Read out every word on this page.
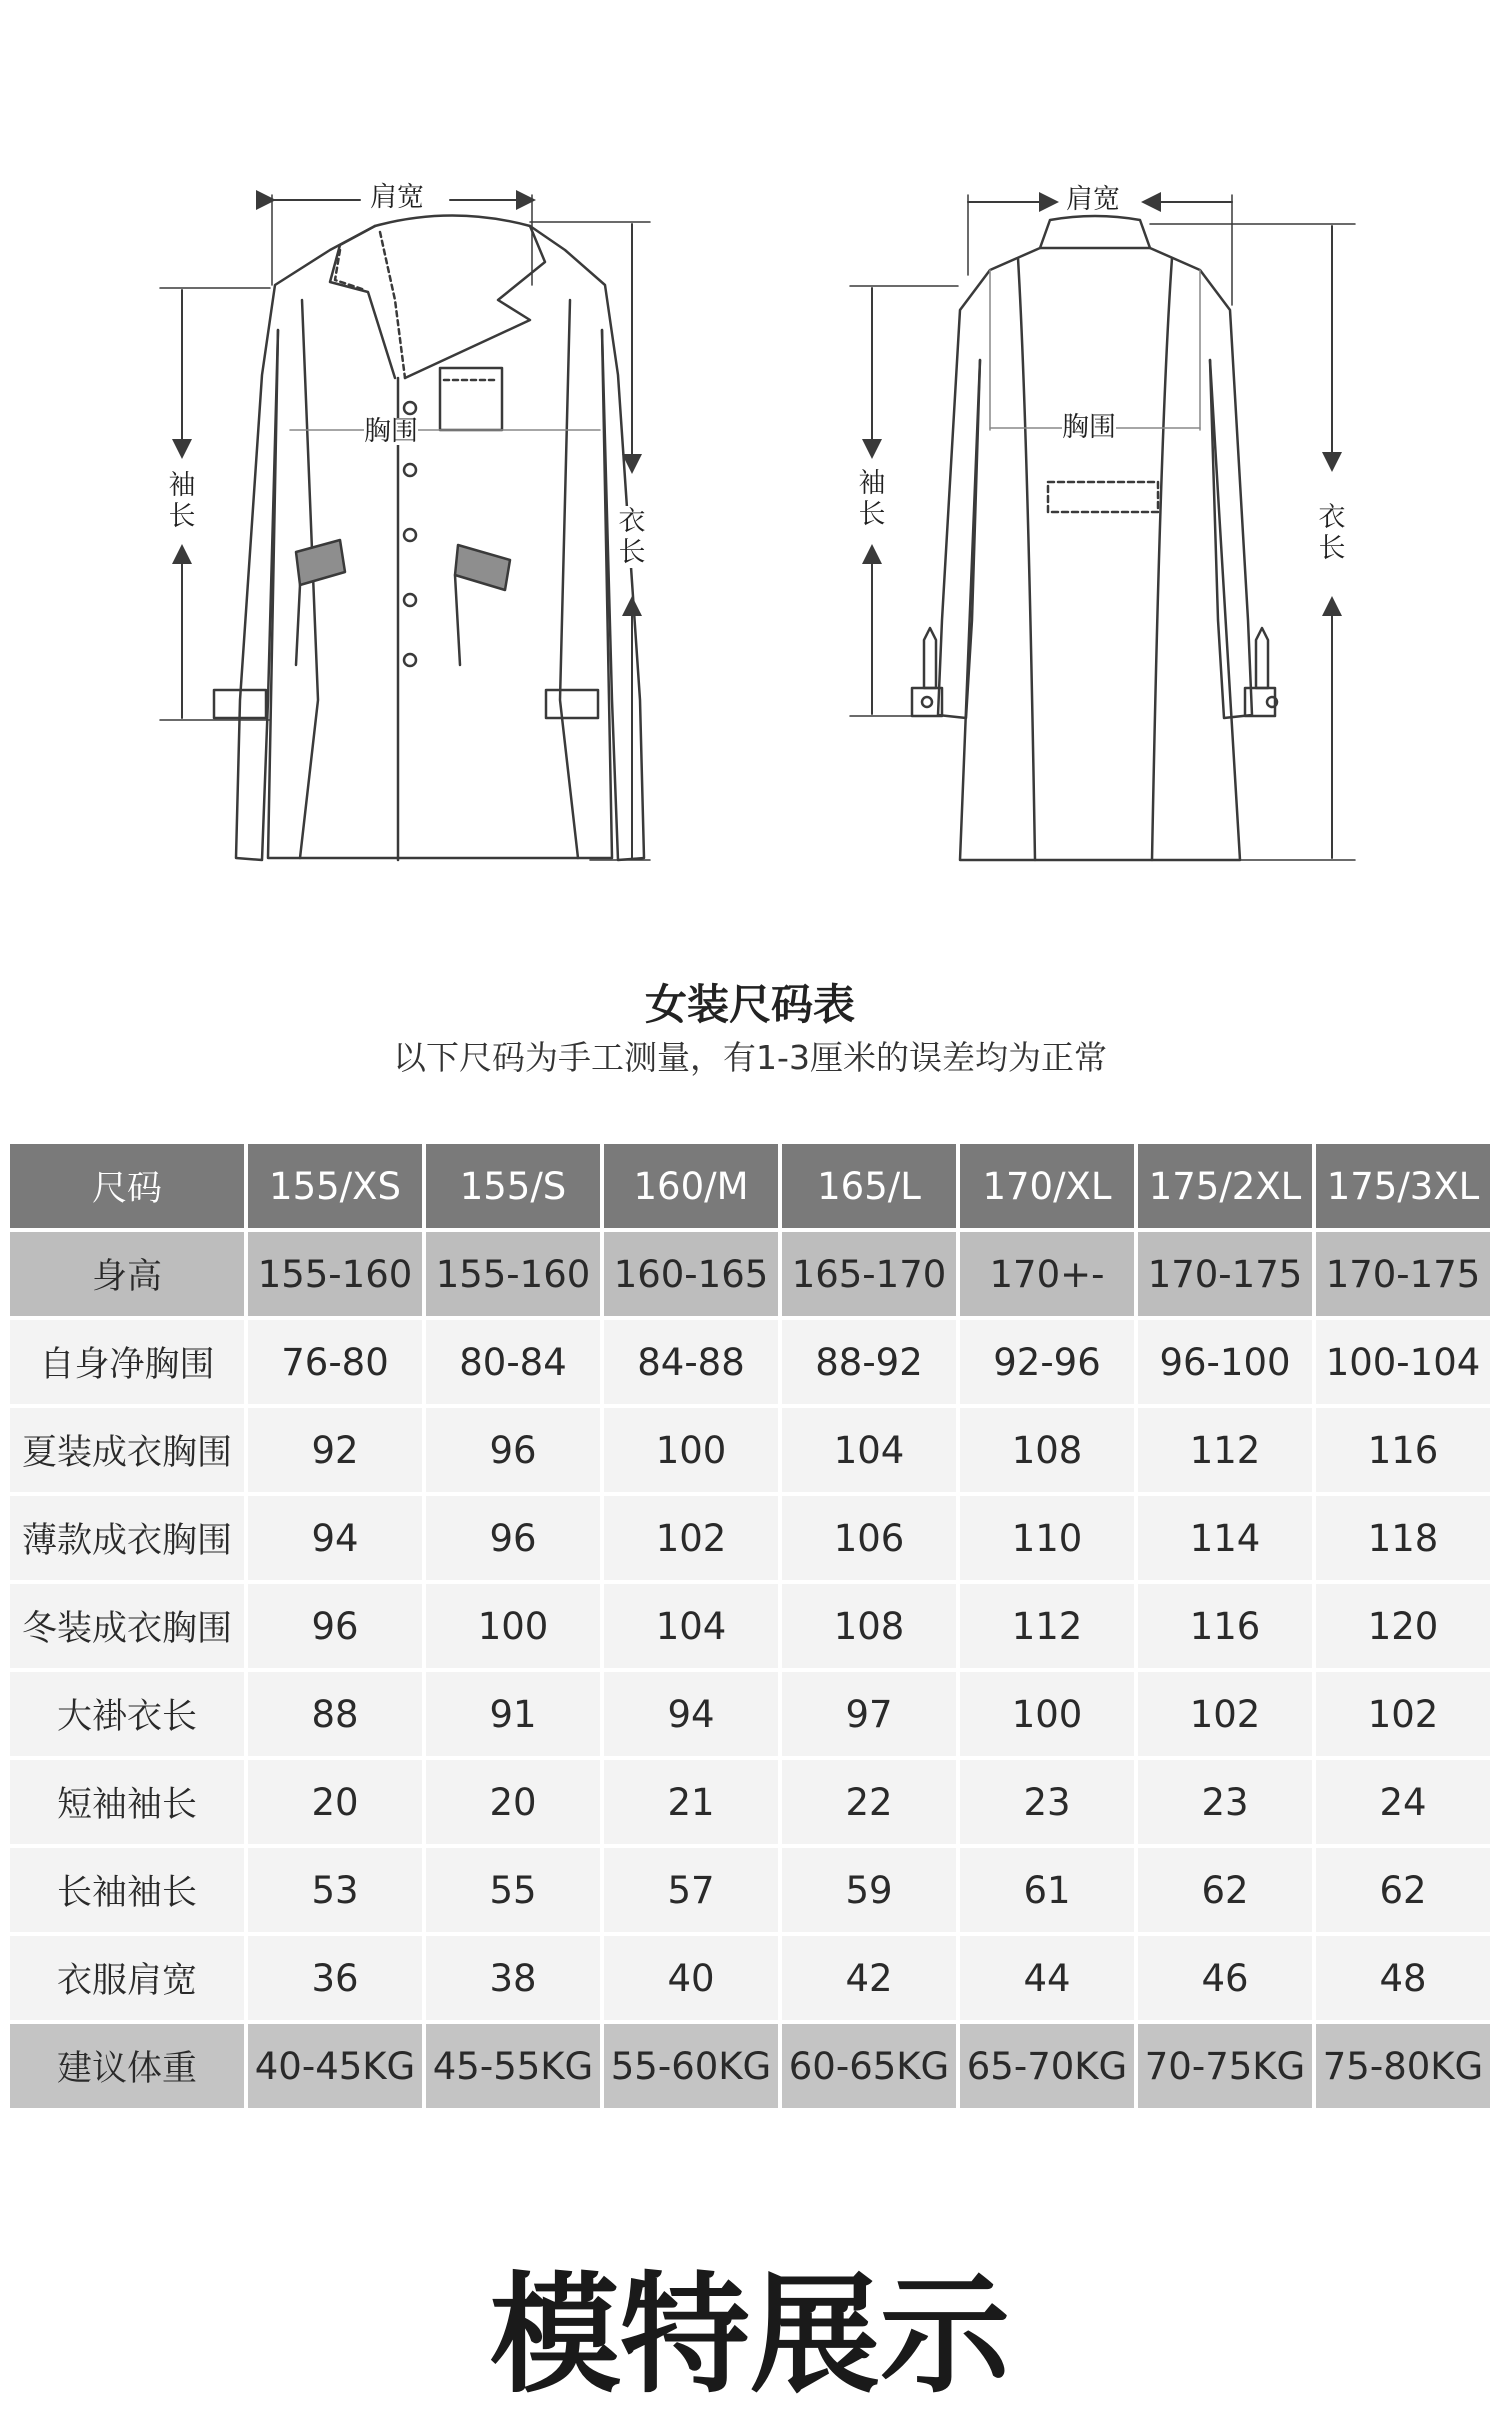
肩宽
胸围
袖长	衣长
肩宽
胸围
袖长	衣长
女装尺码表
以下尺码为手工测量，有1-3厘米的误差均为正常
尺码	155/XS	155/S	160/M	165/L	170/XL	175/2XL	175/3XL
身高	155-160	155-160	160-165	165-170	170+-	170-175	170-175
自身净胸围	76-80	80-84	84-88	88-92	92-96	96-100	100-104
夏装成衣胸围	92	96	100	104	108	112	116
薄款成衣胸围	94	96	102	106	110	114	118
冬装成衣胸围	96	100	104	108	112	116	120
大褂衣长	88	91	94	97	100	102	102
短袖袖长	20	20	21	22	23	23	24
长袖袖长	53	55	57	59	61	62	62
衣服肩宽	36	38	40	42	44	46	48
建议体重	40-45KG	45-55KG	55-60KG	60-65KG	65-70KG	70-75KG	75-80KG
模特展示
